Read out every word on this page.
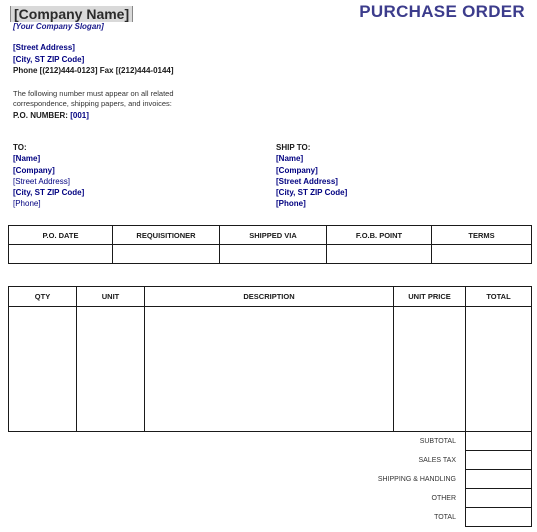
[Company Name]
[Your Company Slogan]
PURCHASE ORDER
[Street Address]
[City, ST ZIP Code]
Phone [(212)444-0123] Fax [(212)444-0144]
The following number must appear on all related correspondence, shipping papers, and invoices:
P.O. NUMBER: [001]
TO:
[Name]
[Company]
[Street Address]
[City, ST ZIP Code]
[Phone]
SHIP TO:
[Name]
[Company]
[Street Address]
[City, ST ZIP Code]
[Phone]
P.O. DATE	REQUISITIONER	SHIPPED VIA	F.O.B. POINT	TERMS

QTY	UNIT	DESCRIPTION	UNIT PRICE	TOTAL

SUBTOTAL				
SALES TAX				
SHIPPING & HANDLING				
OTHER				
TOTAL				
